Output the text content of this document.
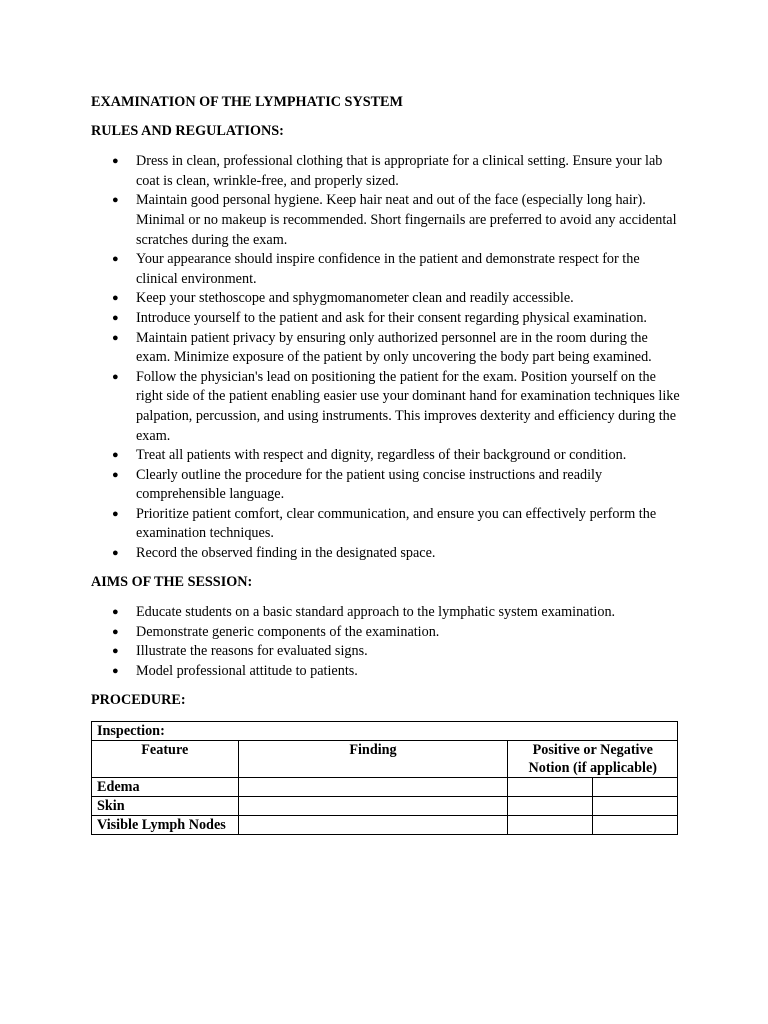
EXAMINATION OF THE LYMPHATIC SYSTEM

RULES AND REGULATIONS:

● Dress in clean, professional clothing that is appropriate for a clinical setting. Ensure your lab coat is clean, wrinkle-free, and properly sized.
● Maintain good personal hygiene. Keep hair neat and out of the face (especially long hair). Minimal or no makeup is recommended. Short fingernails are preferred to avoid any accidental scratches during the exam.
● Your appearance should inspire confidence in the patient and demonstrate respect for the clinical environment.
● Keep your stethoscope and sphygmomanometer clean and readily accessible.
● Introduce yourself to the patient and ask for their consent regarding physical examination.
● Maintain patient privacy by ensuring only authorized personnel are in the room during the exam. Minimize exposure of the patient by only uncovering the body part being examined.
● Follow the physician's lead on positioning the patient for the exam. Position yourself on the right side of the patient enabling easier use your dominant hand for examination techniques like palpation, percussion, and using instruments. This improves dexterity and efficiency during the exam.
● Treat all patients with respect and dignity, regardless of their background or condition.
● Clearly outline the procedure for the patient using concise instructions and readily comprehensible language.
● Prioritize patient comfort, clear communication, and ensure you can effectively perform the examination techniques.
● Record the observed finding in the designated space.

AIMS OF THE SESSION:

● Educate students on a basic standard approach to the lymphatic system examination.
● Demonstrate generic components of the examination.
● Illustrate the reasons for evaluated signs.
● Model professional attitude to patients.

PROCEDURE:

Inspection:			
Feature	Finding	Positive or Negative Notion (if applicable)	
Edema			
Skin			
Visible Lymph Nodes			
